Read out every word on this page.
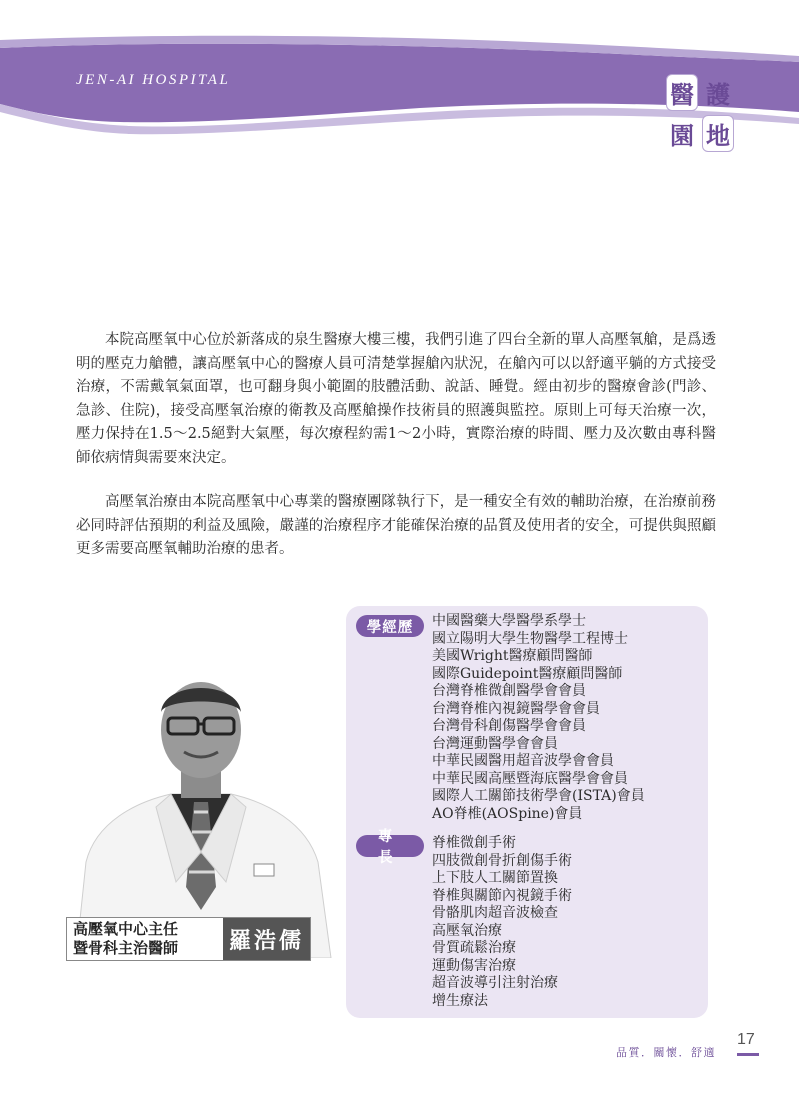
JEN-AI HOSPITAL
醫 護
園 地

本院高壓氧中心位於新落成的泉生醫療大樓三樓，我們引進了四台全新的單人高壓氧艙，是爲透明的壓克力艙體，讓高壓氧中心的醫療人員可清楚掌握艙內狀況，在艙內可以以舒適平躺的方式接受治療，不需戴氧氣面罩，也可翻身與小範圍的肢體活動、說話、睡覺。經由初步的醫療會診(門診、急診、住院)，接受高壓氧治療的衛教及高壓艙操作技術員的照護與監控。原則上可每天治療一次，壓力保持在1.5～2.5絕對大氣壓，每次療程約需1～2小時，實際治療的時間、壓力及次數由專科醫師依病情與需要來決定。

高壓氧治療由本院高壓氧中心專業的醫療團隊執行下，是一種安全有效的輔助治療，在治療前務必同時評估預期的利益及風險，嚴謹的治療程序才能確保治療的品質及使用者的安全，可提供與照顧更多需要高壓氧輔助治療的患者。

高壓氧中心主任
暨骨科主治醫師	羅浩儒
學經歷	中國醫藥大學醫學系學士
國立陽明大學生物醫學工程博士
美國Wright醫療顧問醫師
國際Guidepoint醫療顧問醫師
台灣脊椎微創醫學會會員
台灣脊椎內視鏡醫學會會員
台灣骨科創傷醫學會會員
台灣運動醫學會會員
中華民國醫用超音波學會會員
中華民國高壓暨海底醫學會會員
國際人工關節技術學會(ISTA)會員
AO脊椎(AOSpine)會員
專長
脊椎微創手術
四肢微創骨折創傷手術
上下肢人工關節置換
脊椎與關節內視鏡手術
骨骼肌肉超音波檢查
高壓氧治療
骨質疏鬆治療
運動傷害治療
超音波導引注射治療
增生療法
品質．關懷．舒適
17
